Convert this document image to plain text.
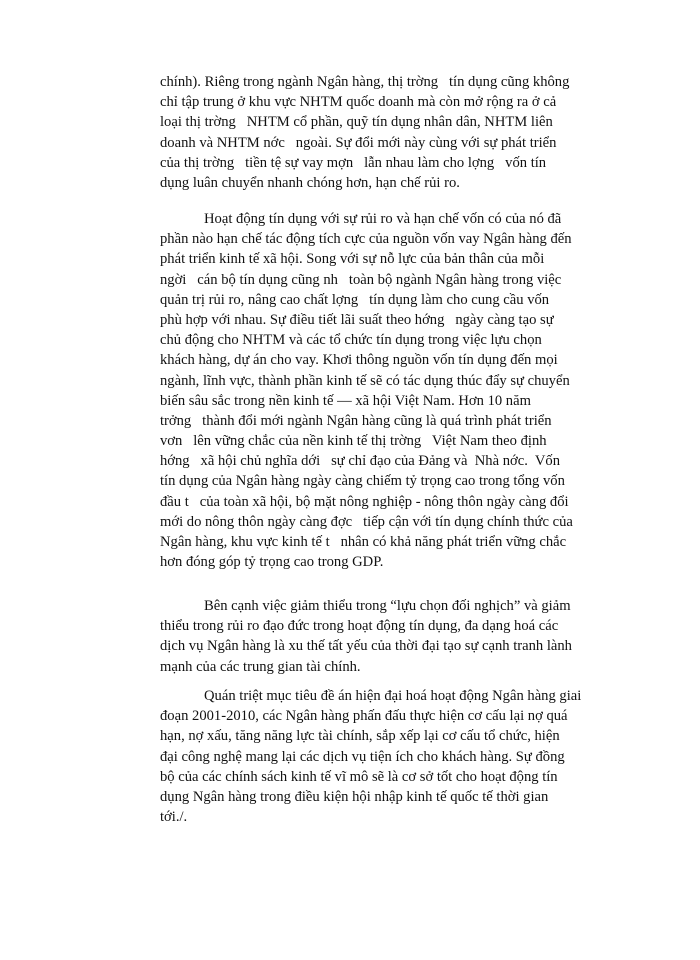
chính). Riêng trong ngành Ngân hàng, thị trờng   tín dụng cũng không
chỉ tập trung ở khu vực NHTM quốc doanh mà còn mở rộng ra ở cả
loại thị trờng   NHTM cổ phần, quỹ tín dụng nhân dân, NHTM liên
doanh và NHTM nớc   ngoài. Sự đổi mới này cùng với sự phát triển
của thị trờng   tiền tệ sự vay mợn   lẫn nhau làm cho lợng   vốn tín
dụng luân chuyển nhanh chóng hơn, hạn chế rủi ro.
Hoạt động tín dụng với sự rủi ro và hạn chế vốn có của nó đã
phần nào hạn chế tác động tích cực của nguồn vốn vay Ngân hàng đến
phát triển kinh tế xã hội. Song với sự nỗ lực của bản thân của mỗi
ngời   cán bộ tín dụng cũng nh   toàn bộ ngành Ngân hàng trong việc
quản trị rủi ro, nâng cao chất lợng   tín dụng làm cho cung cầu vốn
phù hợp với nhau. Sự điều tiết lãi suất theo hớng   ngày càng tạo sự
chủ động cho NHTM và các tổ chức tín dụng trong việc lựu chọn
khách hàng, dự án cho vay. Khơi thông nguồn vốn tín dụng đến mọi
ngành, lĩnh vực, thành phần kinh tế sẽ có tác dụng thúc đẩy sự chuyển
biến sâu sắc trong nền kinh tế — xã hội Việt Nam. Hơn 10 năm
trởng   thành đổi mới ngành Ngân hàng cũng là quá trình phát triển
vơn   lên vững chắc của nền kinh tế thị trờng   Việt Nam theo định
hớng   xã hội chủ nghĩa dới   sự chỉ đạo của Đảng và  Nhà nớc.  Vốn
tín dụng của Ngân hàng ngày càng chiếm tỷ trọng cao trong tổng vốn
đầu t   của toàn xã hội, bộ mặt nông nghiệp - nông thôn ngày càng đổi
mới do nông thôn ngày càng đợc   tiếp cận với tín dụng chính thức của
Ngân hàng, khu vực kinh tế t   nhân có khả năng phát triển vững chắc
hơn đóng góp tỷ trọng cao trong GDP.
Bên cạnh việc giảm thiểu trong “lựu chọn đối nghịch” và giảm
thiểu trong rủi ro đạo đức trong hoạt động tín dụng, đa dạng hoá các
dịch vụ Ngân hàng là xu thế tất yếu của thời đại tạo sự cạnh tranh lành
mạnh của các trung gian tài chính.
Quán triệt mục tiêu đề án hiện đại hoá hoạt động Ngân hàng giai
đoạn 2001-2010, các Ngân hàng phấn đấu thực hiện cơ cấu lại nợ quá
hạn, nợ xấu, tăng năng lực tài chính, sắp xếp lại cơ cấu tổ chức, hiện
đại công nghệ mang lại các dịch vụ tiện ích cho khách hàng. Sự đồng
bộ của các chính sách kinh tế vĩ mô sẽ là cơ sở tốt cho hoạt động tín
dụng Ngân hàng trong điều kiện hội nhập kinh tế quốc tế thời gian
tới./.
